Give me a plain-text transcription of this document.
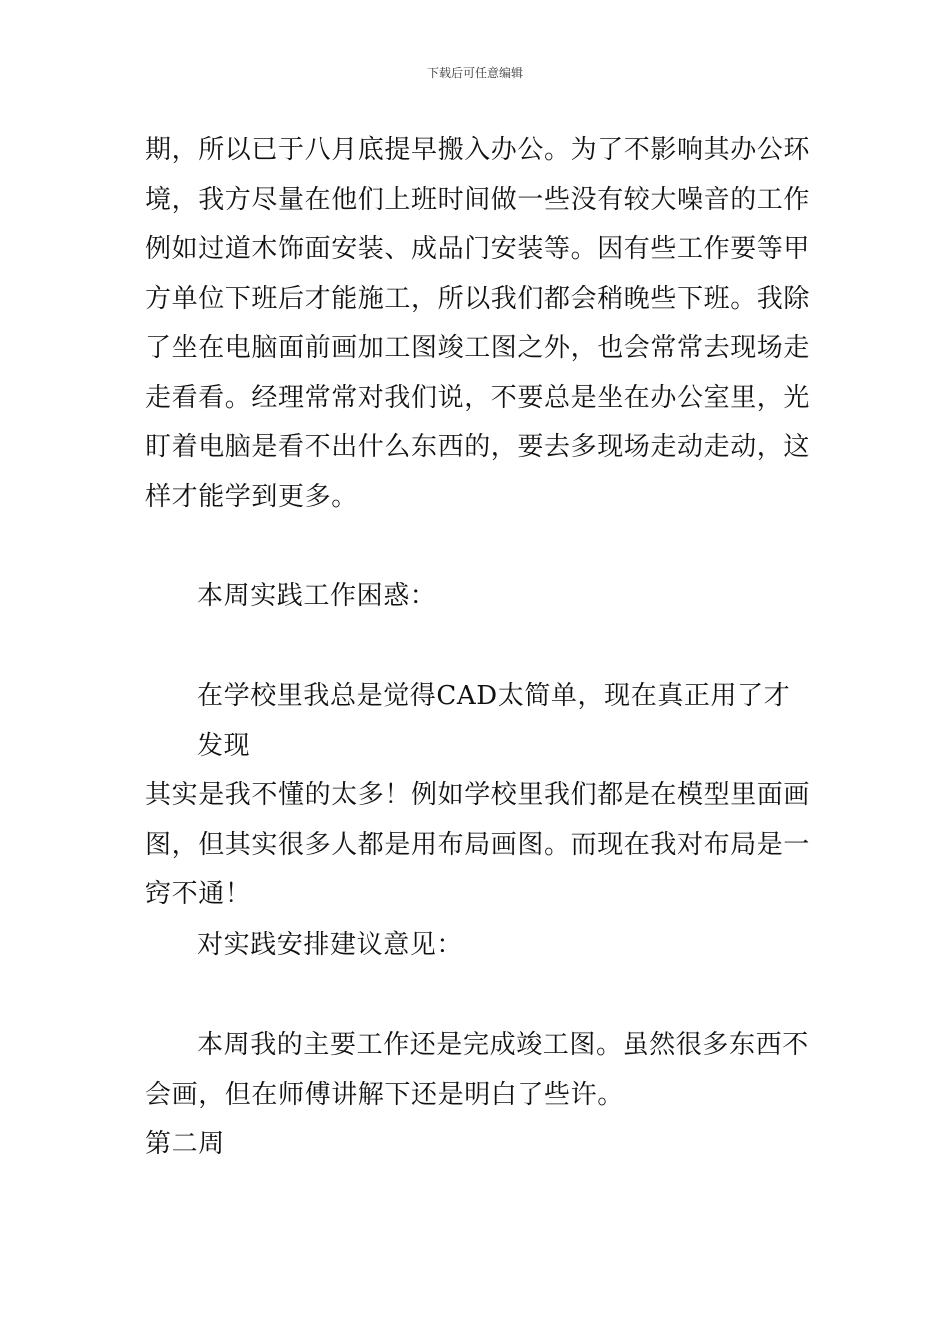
下载后可任意编辑
期，所以已于八月底提早搬入办公。为了不影响其办公环
境，我方尽量在他们上班时间做一些没有较大噪音的工作
例如过道木饰面安装、成品门安装等。因有些工作要等甲
方单位下班后才能施工，所以我们都会稍晚些下班。我除
了坐在电脑面前画加工图竣工图之外，也会常常去现场走
走看看。经理常常对我们说，不要总是坐在办公室里，光
盯着电脑是看不出什么东西的，要去多现场走动走动，这
样才能学到更多。
本周实践工作困惑：
在学校里我总是觉得CAD太简单，现在真正用了才发现
其实是我不懂的太多！例如学校里我们都是在模型里面画
图，但其实很多人都是用布局画图。而现在我对布局是一
窍不通！
对实践安排建议意见：
本周我的主要工作还是完成竣工图。虽然很多东西不
会画，但在师傅讲解下还是明白了些许。
第二周
